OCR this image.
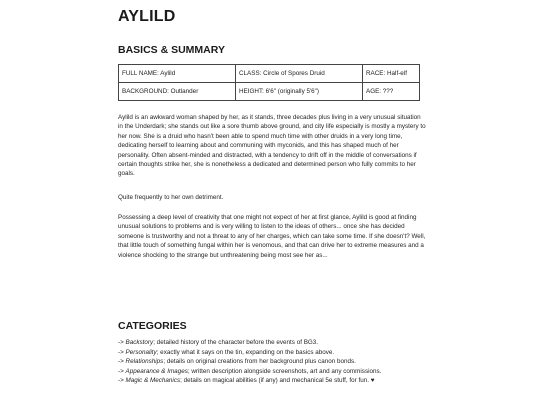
AYLILD
BASICS & SUMMARY
FULL NAME: Aylild	CLASS: Circle of Spores Druid	RACE: Half-elf
BACKGROUND: Outlander	HEIGHT: 6'6" (originally 5'6")	AGE: ???

Aylild is an awkward woman shaped by her, as it stands, three decades plus living in a very unusual situation in the Underdark; she stands out like a sore thumb above ground, and city life especially is mostly a mystery to her now. She is a druid who hasn't been able to spend much time with other druids in a very long time, dedicating herself to learning about and communing with myconids, and this has shaped much of her personality. Often absent-minded and distracted, with a tendency to drift off in the middle of conversations if certain thoughts strike her, she is nonetheless a dedicated and determined person who fully commits to her goals.

Quite frequently to her own detriment.

Possessing a deep level of creativity that one might not expect of her at first glance, Aylild is good at finding unusual solutions to problems and is very willing to listen to the ideas of others... once she has decided someone is trustworthy and not a threat to any of her charges, which can take some time. If she doesn't? Well, that little touch of something fungal within her is venomous, and that can drive her to extreme measures and a violence shocking to the strange but unthreatening being most see her as...

CATEGORIES
-> Backstory; detailed history of the character before the events of BG3.
-> Personality; exactly what it says on the tin, expanding on the basics above.
-> Relationships; details on original creations from her background plus canon bonds.
-> Appearance & Images; written description alongside screenshots, art and any commissions.
-> Magic & Mechanics; details on magical abilities (if any) and mechanical 5e stuff, for fun. ♥
